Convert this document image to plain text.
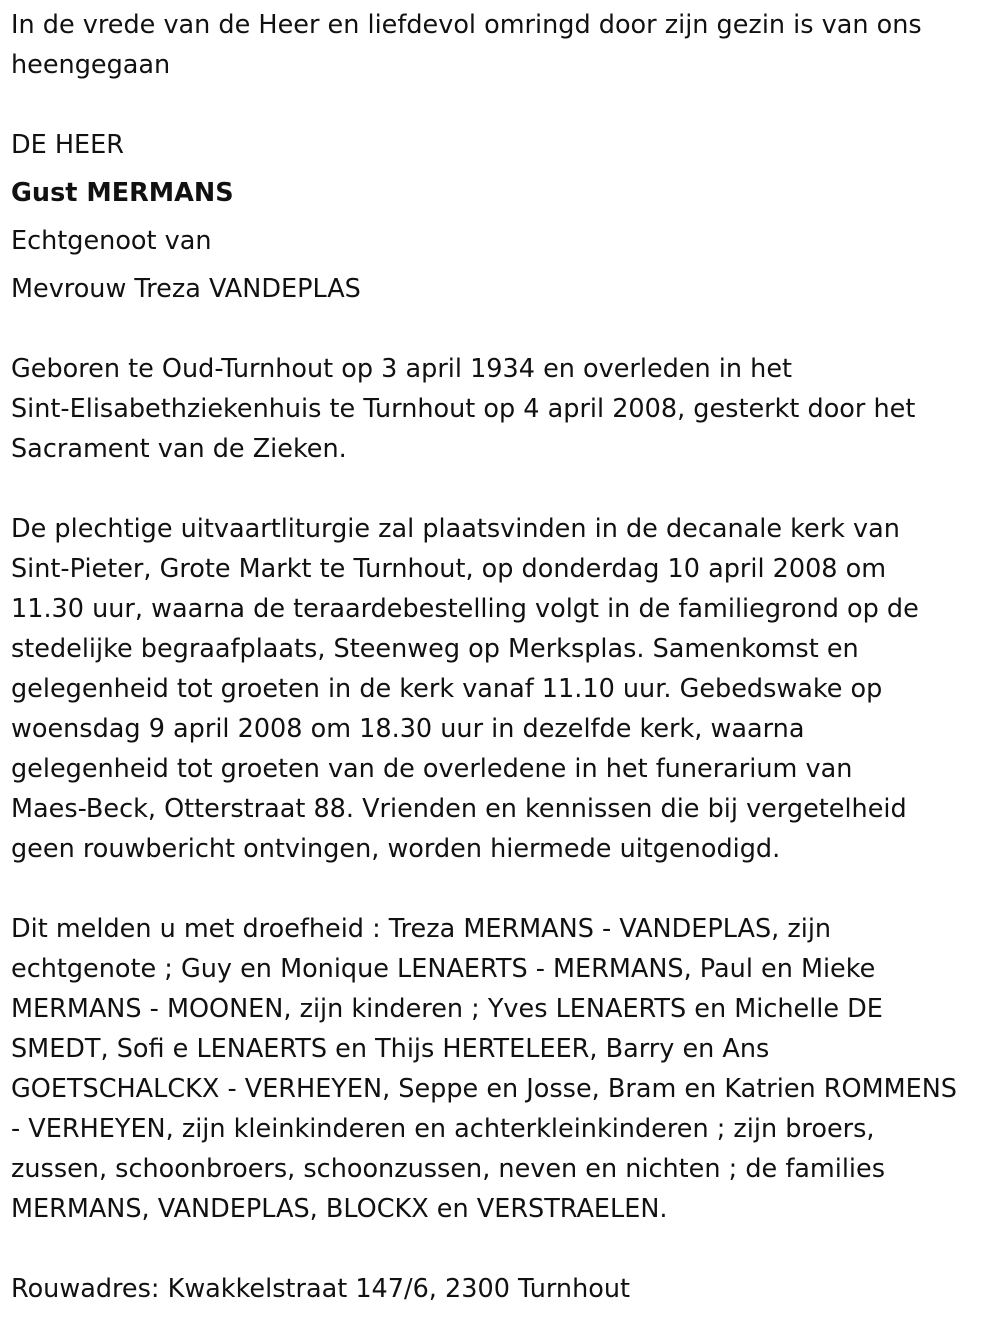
In de vrede van de Heer en liefdevol omringd door zijn gezin is van ons
heengegaan
DE HEER
Gust MERMANS
Echtgenoot van
Mevrouw Treza VANDEPLAS
Geboren te Oud-Turnhout op 3 april 1934 en overleden in het
Sint-Elisabethziekenhuis te Turnhout op 4 april 2008, gesterkt door het
Sacrament van de Zieken.
De plechtige uitvaartliturgie zal plaatsvinden in de decanale kerk van
Sint-Pieter, Grote Markt te Turnhout, op donderdag 10 april 2008 om
11.30 uur, waarna de teraardebestelling volgt in de familiegrond op de
stedelijke begraafplaats, Steenweg op Merksplas. Samenkomst en
gelegenheid tot groeten in de kerk vanaf 11.10 uur. Gebedswake op
woensdag 9 april 2008 om 18.30 uur in dezelfde kerk, waarna
gelegenheid tot groeten van de overledene in het funerarium van
Maes-Beck, Otterstraat 88. Vrienden en kennissen die bij vergetelheid
geen rouwbericht ontvingen, worden hiermede uitgenodigd.
Dit melden u met droefheid : Treza MERMANS - VANDEPLAS, zijn
echtgenote ; Guy en Monique LENAERTS - MERMANS, Paul en Mieke
MERMANS - MOONEN, zijn kinderen ; Yves LENAERTS en Michelle DE
SMEDT, Sofi e LENAERTS en Thijs HERTELEER, Barry en Ans
GOETSCHALCKX - VERHEYEN, Seppe en Josse, Bram en Katrien ROMMENS
- VERHEYEN, zijn kleinkinderen en achterkleinkinderen ; zijn broers,
zussen, schoonbroers, schoonzussen, neven en nichten ; de families
MERMANS, VANDEPLAS, BLOCKX en VERSTRAELEN.
Rouwadres: Kwakkelstraat 147/6, 2300 Turnhout
